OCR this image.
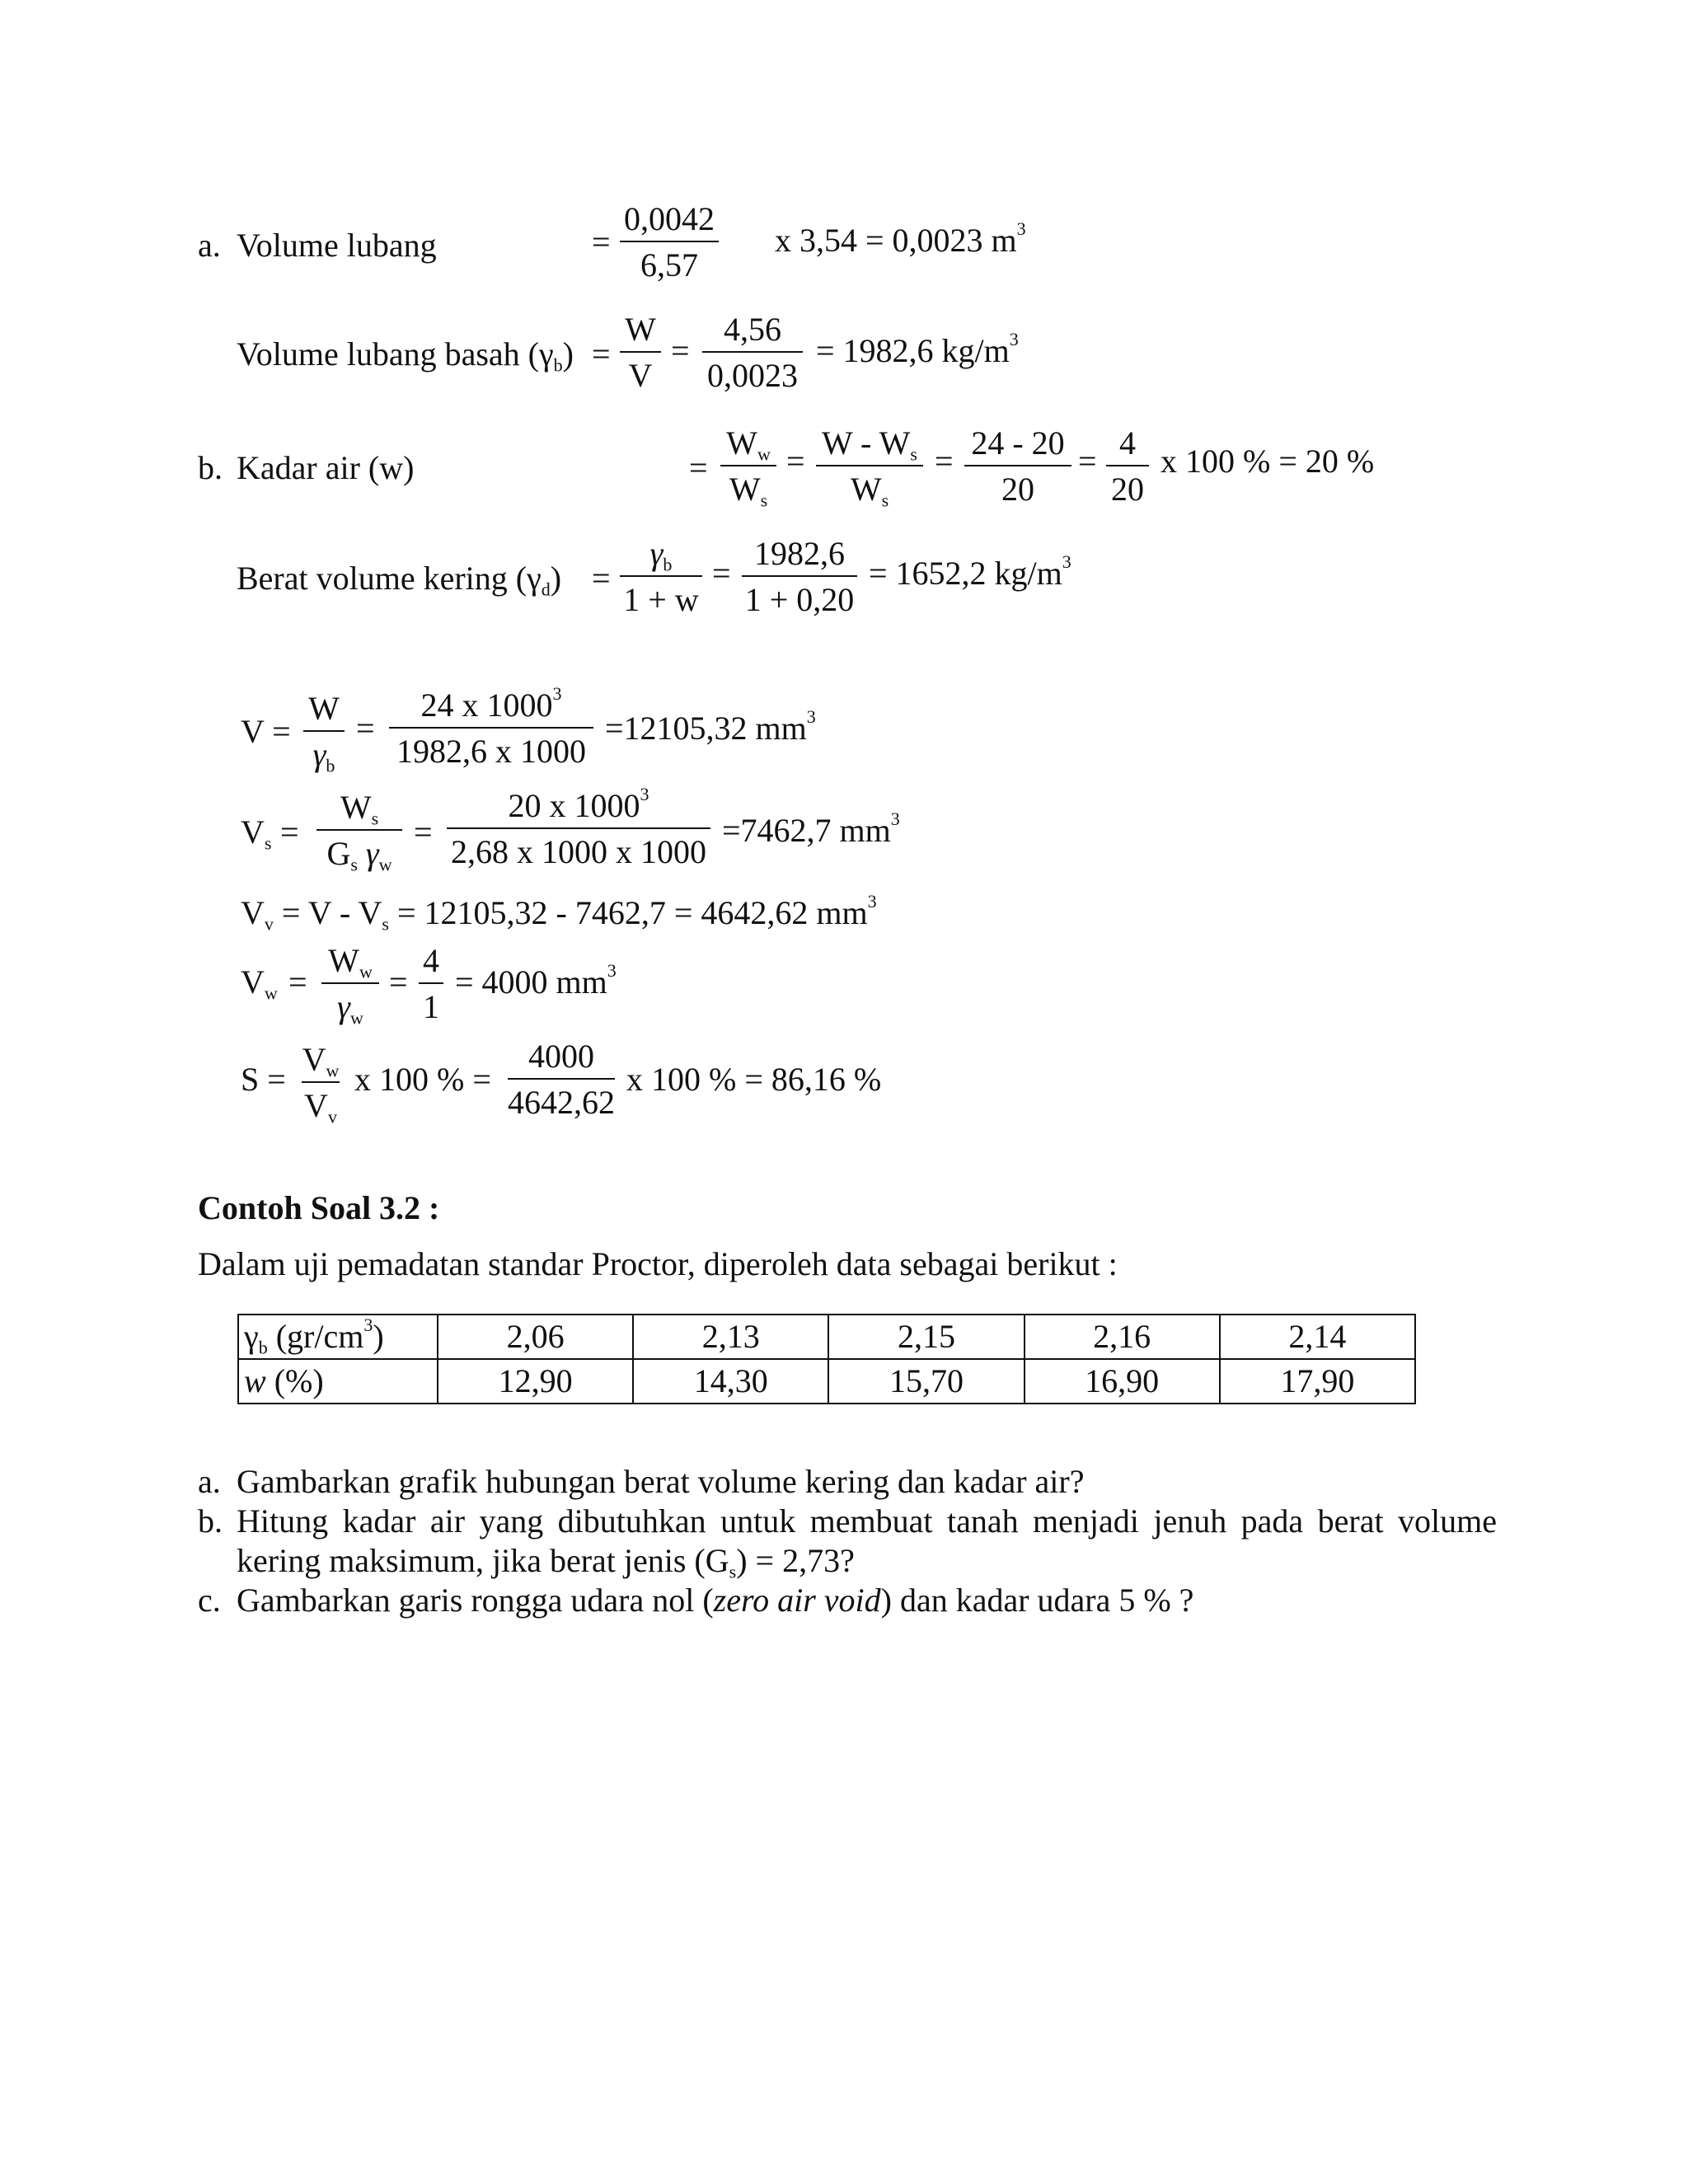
a. Volume lubang	=
0,0042
6,57
x 3,54 = 0,0023 $m^3$
Volume lubang basah $(\gamma_b)$ =
W
V
=
4,56
0,0023
= 1982,6 $kg/m^3$
b. Kadar air (w)	=
$W_w$
$W_s$
= W - $W_s$
$W_s$
= 24 - 20
20
= 4
20
x 100 % = 20 %
Berat volume kering $(\gamma_d)$ =
$\gamma_b$
1 + w
=
1982,6
1 + 0,20
= 1652,2 $kg/m^3$
V =
W
$\gamma_b$
=
24 x 1000$^3$
1982,6 x 1000
=12105,32 $mm^3$
$V_s$ =
$W_s$
$G_s$ $\gamma_w$
=
20 x 1000$^3$
2,68 x 1000 x 1000
=7462,7 $mm^3$
$V_v = V - V_s = 12105,32 - 7462,7 = 4642,62$ $mm^3$
$V_w$ =
$W_w$
$\gamma_w$
=
4
1
= 4000 $mm^3$
S =
$V_w$
$V_v$
x 100 % =
4000
4642,62
x 100 % = 86,16 %
Contoh Soal 3.2 :
Dalam uji pemadatan standar Proctor, diperoleh data sebagai berikut :
$\gamma_b$ $(gr/cm^3)$	2,06	2,13	2,15	2,16	2,14
w (%)	12,90	14,30	15,70	16,90	17,90
a. Gambarkan grafik hubungan berat volume kering dan kadar air?
b. Hitung kadar air yang dibutuhkan untuk membuat tanah menjadi jenuh pada berat volume
kering maksimum, jika berat jenis $(G_s) = 2,73$?
c. Gambarkan garis rongga udara nol (zero air void) dan kadar udara 5 % ?
